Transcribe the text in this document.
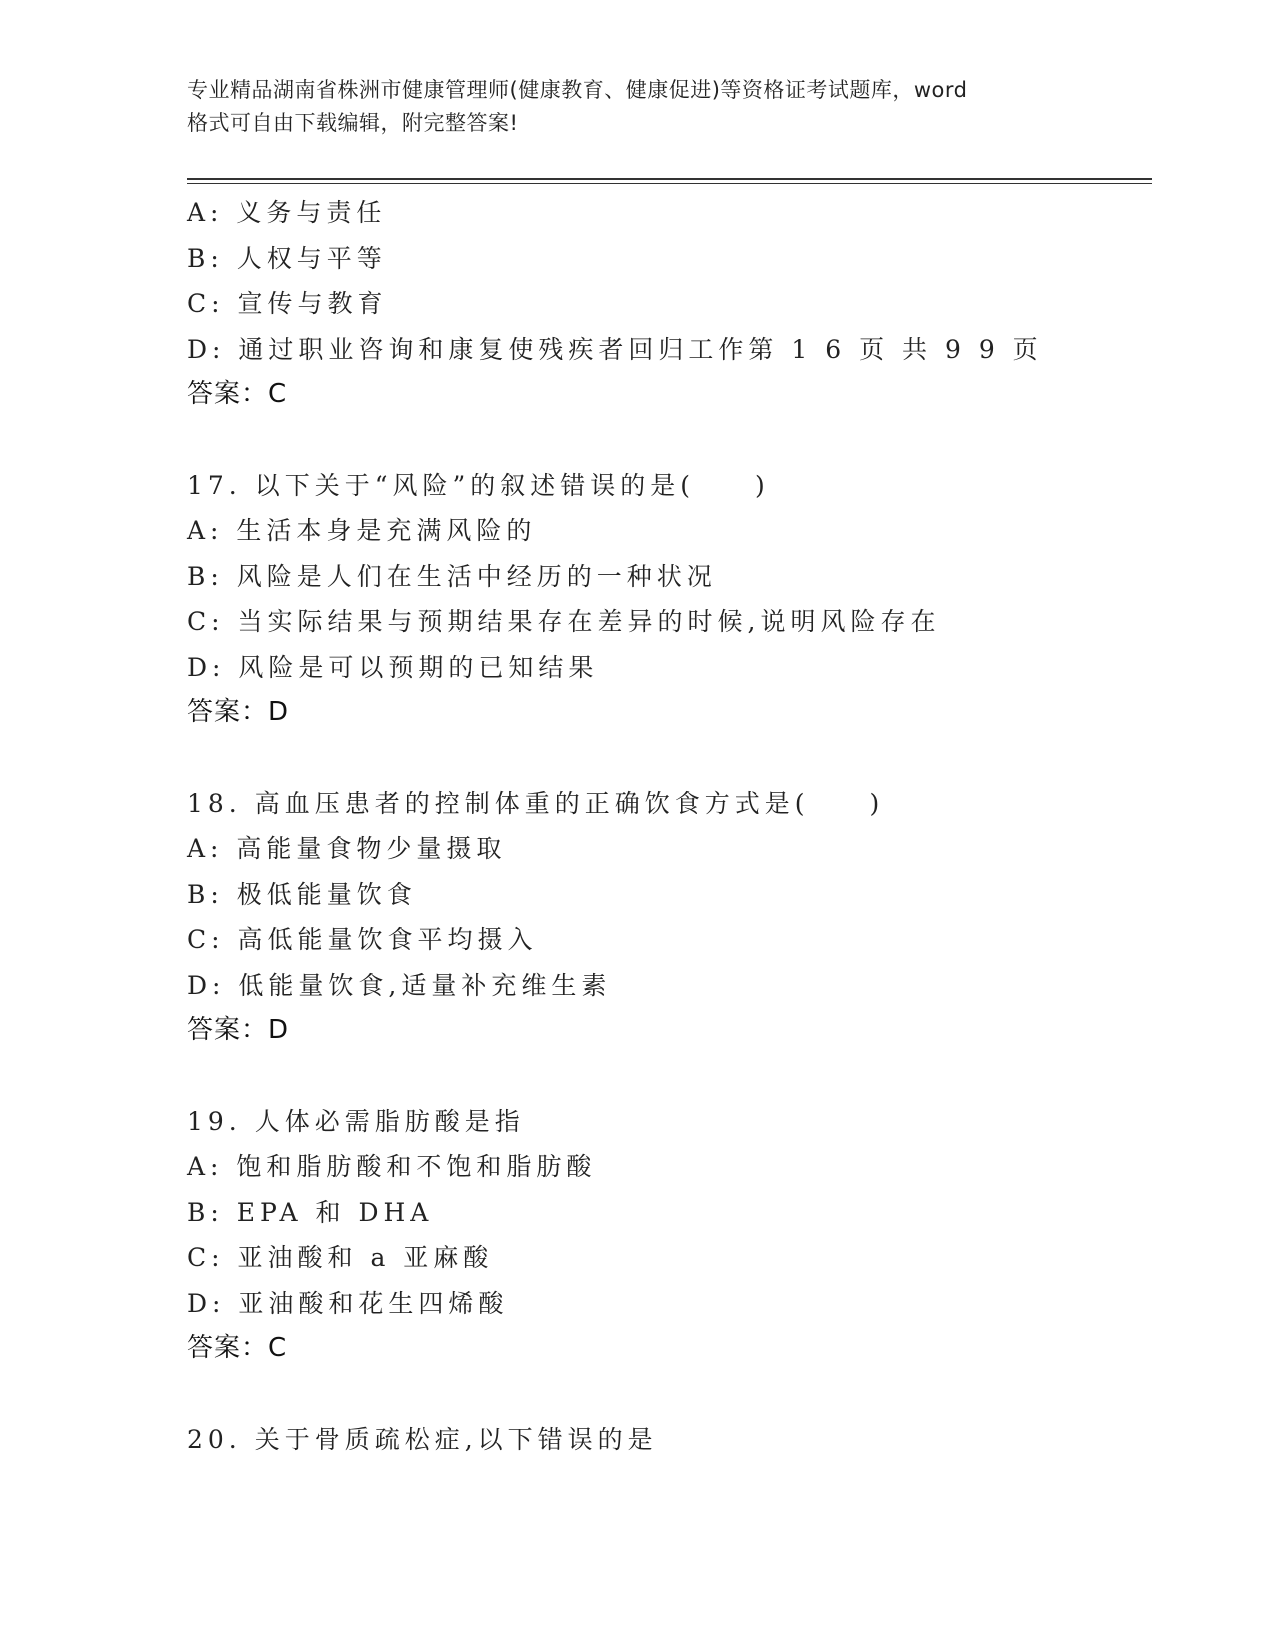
专业精品湖南省株洲市健康管理师(健康教育、健康促进)等资格证考试题库，word
格式可自由下载编辑，附完整答案!
A: 义务与责任
B: 人权与平等
C: 宣传与教育
D: 通过职业咨询和康复使残疾者回归工作第 1 6 页 共 9 9 页
答案：C
17. 以下关于“风险”的叙述错误的是(　　)
A: 生活本身是充满风险的
B: 风险是人们在生活中经历的一种状况
C: 当实际结果与预期结果存在差异的时候,说明风险存在
D: 风险是可以预期的已知结果
答案：D
18. 高血压患者的控制体重的正确饮食方式是(　　)
A: 高能量食物少量摄取
B: 极低能量饮食
C: 高低能量饮食平均摄入
D: 低能量饮食,适量补充维生素
答案：D
19. 人体必需脂肪酸是指
A: 饱和脂肪酸和不饱和脂肪酸
B: EPA 和 DHA
C: 亚油酸和 a 亚麻酸
D: 亚油酸和花生四烯酸
答案：C
20. 关于骨质疏松症,以下错误的是
